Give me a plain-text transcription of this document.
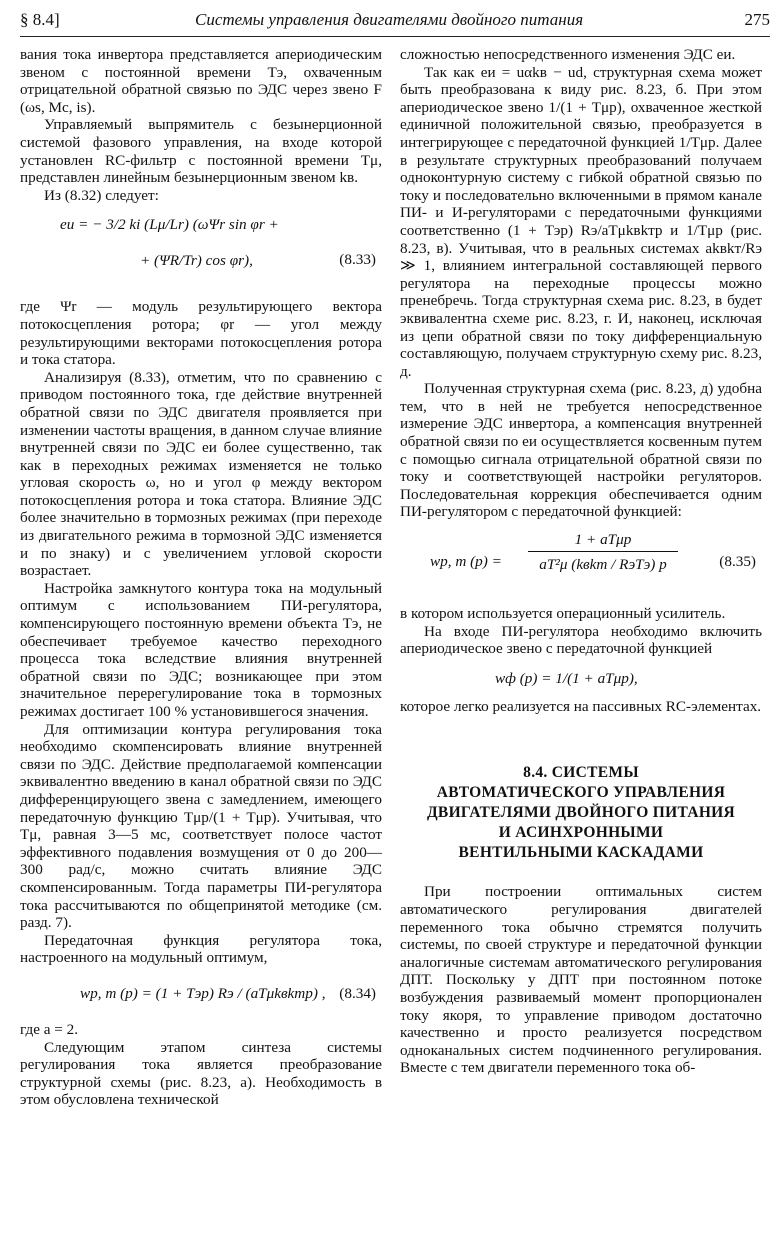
§ 8.4]	Системы управления двигателями двойного питания	275

вания тока инвертора представляется апериодическим звеном с постоянной времени Tэ, охваченным отрицательной обратной связью по ЭДС через звено F (ωs, Mc, is).

Управляемый выпрямитель с безынерционной системой фазового управления, на входе которой установлен RC-фильтр с постоянной времени Tμ, представлен линейным безынерционным звеном kв.

Из (8.32) следует:

eи = − 3/2 ki (Lμ/Lr) (ωΨr sin φr +
+ (ΨR/Tr) cos φr),	(8.33)

где Ψr — модуль результирующего вектора потокосцепления ротора; φr — угол между результирующими векторами потокосцепления ротора и тока статора.

Анализируя (8.33), отметим, что по сравнению с приводом постоянного тока, где действие внутренней обратной связи по ЭДС двигателя проявляется при изменении частоты вращения, в данном случае влияние внутренней связи по ЭДС eи более существенно, так как в переходных режимах изменяется не только угловая скорость ω, но и угол φ между вектором потокосцепления ротора и тока статора. Влияние ЭДС более значительно в тормозных режимах (при переходе из двигательного режима в тормозной ЭДС изменяется и по знаку) и с увеличением угловой скорости возрастает.

Настройка замкнутого контура тока на модульный оптимум с использованием ПИ-регулятора, компенсирующего постоянную времени объекта Tэ, не обеспечивает требуемое качество переходного процесса тока вследствие влияния внутренней обратной связи по ЭДС; возникающее при этом значительное перерегулирование тока в тормозных режимах достигает 100 % установившегося значения.

Для оптимизации контура регулирования тока необходимо скомпенсировать влияние внутренней связи по ЭДС. Действие предполагаемой компенсации эквивалентно введению в канал обратной связи по ЭДС дифференцирующего звена с замедлением, имеющего передаточную функцию Tμp/(1 + Tμp). Учитывая, что Tμ, равная 3—5 мс, соответствует полосе частот эффективного подавления возмущения от 0 до 200—300 рад/с, можно считать влияние ЭДС скомпенсированным. Тогда параметры ПИ-регулятора тока рассчитываются по общепринятой методике (см. разд. 7).

Передаточная функция регулятора тока, настроенного на модульный оптимум,

wр, т (p) = (1 + Tэp) Rэ / (aTμkвkтp) , (8.34)

где a = 2.

Следующим этапом синтеза системы регулирования тока является преобразование структурной схемы (рис. 8.23, а). Необходимость в этом обусловлена технической

сложностью непосредственного изменения ЭДС eи.

Так как eи = uαkв − ud, структурная схема может быть преобразована к виду рис. 8.23, б. При этом апериодическое звено 1/(1 + Tμp), охваченное жесткой единичной положительной связью, преобразуется в интегрирующее с передаточной функцией 1/Tμp. Далее в результате структурных преобразований получаем одноконтурную систему с гибкой обратной связью по току и последовательно включенными в прямом канале ПИ- и И-регуляторами с передаточными функциями соответственно (1 + Tэp) Rэ/aTμkвkтp и 1/Tμp (рис. 8.23, в). Учитывая, что в реальных системах akвkт/Rэ ≫ 1, влиянием интегральной составляющей первого регулятора на переходные процессы можно пренебречь. Тогда структурная схема рис. 8.23, в будет эквивалентна схеме рис. 8.23, г. И, наконец, исключая из цепи обратной связи по току дифференциальную составляющую, получаем структурную схему рис. 8.23, д.

Полученная структурная схема (рис. 8.23, д) удобна тем, что в ней не требуется непосредственное измерение ЭДС инвертора, а компенсация внутренней обратной связи по eи осуществляется косвенным путем с помощью сигнала отрицательной обратной связи по току и соответствующей настройки регуляторов. Последовательная коррекция обеспечивается одним ПИ-регулятором с передаточной функцией:

wр, т (p) =
1 + aTμp
aT²μ (kвkт / RэTэ) p	(8.35)

в котором используется операционный усилитель.

На входе ПИ-регулятора необходимо включить апериодическое звено с передаточной функцией

wф (p) = 1/(1 + aTμp),

которое легко реализуется на пассивных RC-элементах.

8.4. СИСТЕМЫ
АВТОМАТИЧЕСКОГО УПРАВЛЕНИЯ
ДВИГАТЕЛЯМИ ДВОЙНОГО ПИТАНИЯ
И АСИНХРОННЫМИ
ВЕНТИЛЬНЫМИ КАСКАДАМИ

При построении оптимальных систем автоматического регулирования двигателей переменного тока обычно стремятся получить системы, по своей структуре и передаточной функции аналогичные системам автоматического регулирования ДПТ. Поскольку у ДПТ при постоянном потоке возбуждения развиваемый момент пропорционален току якоря, то управление приводом достаточно качественно и просто реализуется посредством одноканальных систем подчиненного регулирования. Вместе с тем двигатели переменного тока об-
